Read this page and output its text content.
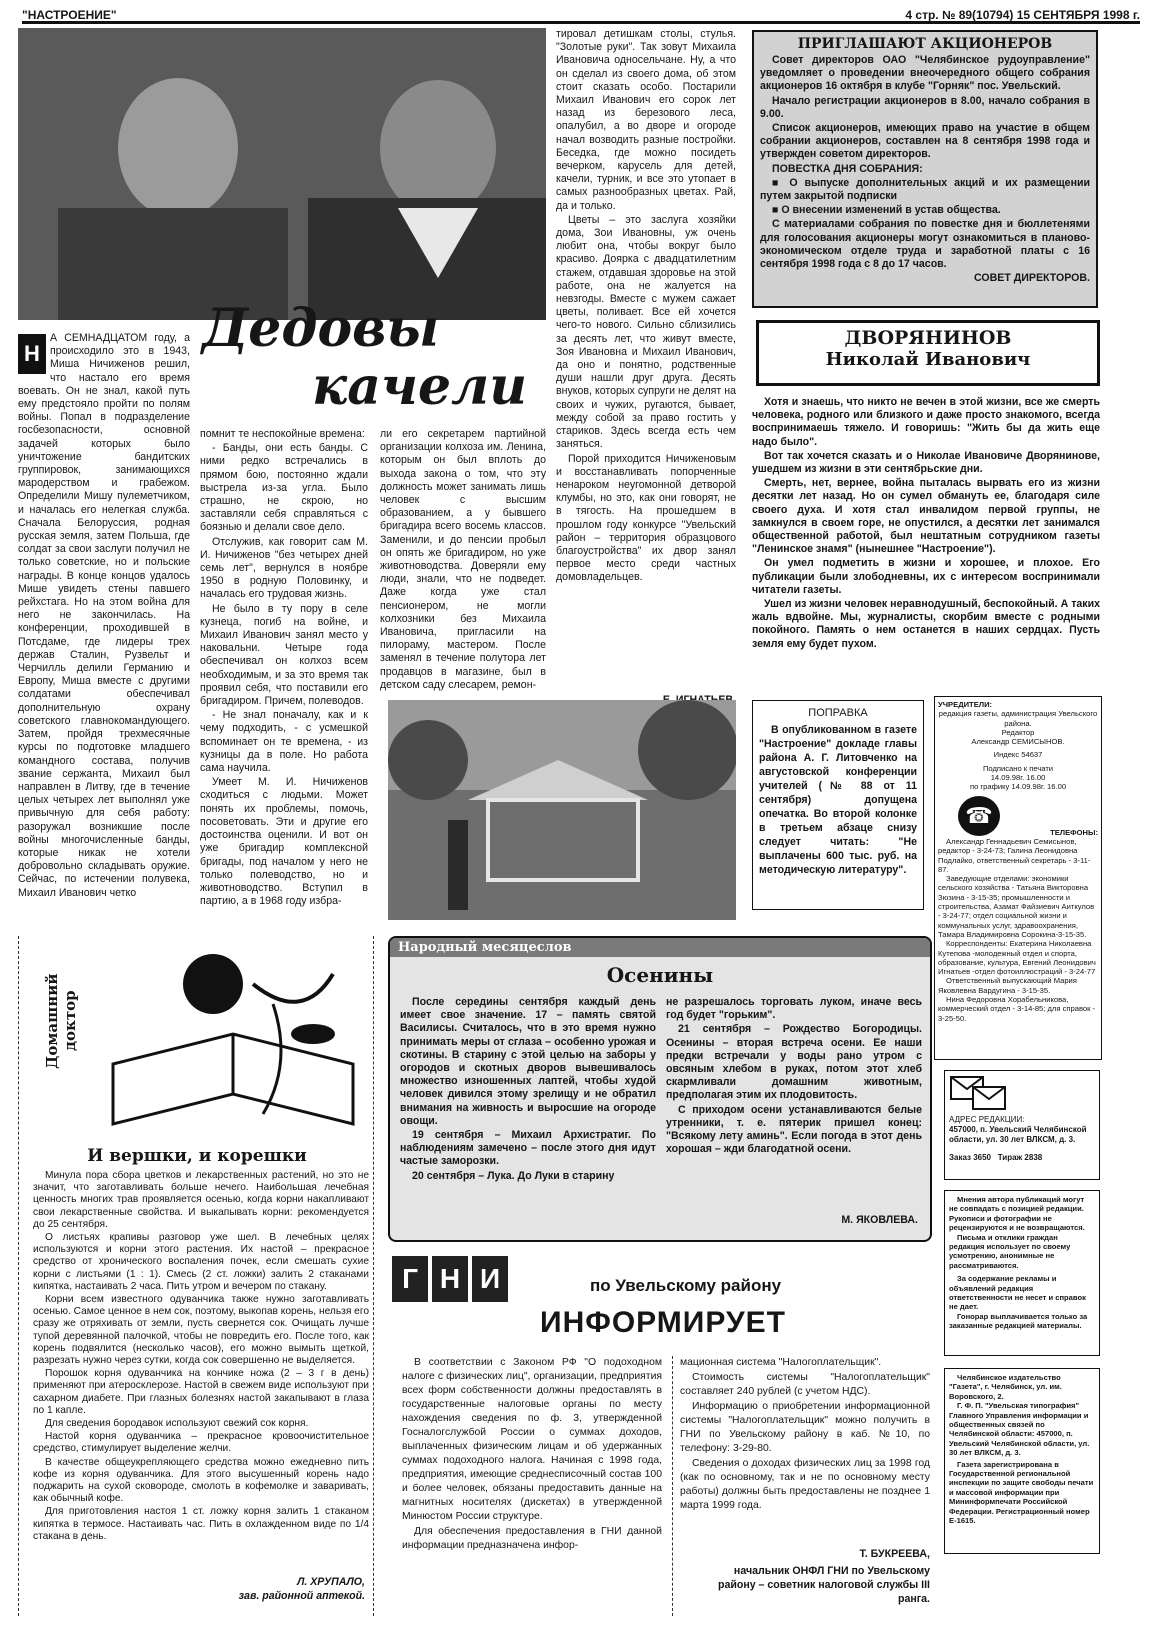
"НАСТРОЕНИЕ"	4 стр. № 89(10794) 15 СЕНТЯБРЯ 1998 г.
Дедовы
качели
Н
А СЕМНАДЦАТОМ году, а происходило это в 1943, Миша Ничиженов решил, что настало его время воевать. Он не знал, какой путь ему предстояло пройти по полям войны. Попал в подразделение госбезопасности, основной задачей которых было уничтожение бандитских группировок, занимающихся мародерством и грабежом. Определили Мишу пулеметчиком, и началась его нелегкая служба. Сначала Белоруссия, родная русская земля, затем Польша, где солдат за свои заслуги получил не только советские, но и польские награды. В конце концов удалось Мише увидеть стены павшего рейхстага. Но на этом война для него не закончилась. На конференции, проходившей в Потсдаме, где лидеры трех держав Сталин, Рузвельт и Черчилль делили Германию и Европу, Миша вместе с другими солдатами обеспечивал дополнительную охрану советского главнокомандующего. Затем, пройдя трехмесячные курсы по подготовке младшего командного состава, получив звание сержанта, Михаил был направлен в Литву, где в течение целых четырех лет выполнял уже привычную для себя работу: разоружал возникшие после войны многочисленные банды, которые никак не хотели добровольно складывать оружие. Сейчас, по истечении полувека, Михаил Иванович четко

помнит те неспокойные времена:

- Банды, они есть банды. С ними редко встречались в прямом бою, постоянно ждали выстрела из-за угла. Было страшно, не скрою, но заставляли себя справляться с боязнью и делали свое дело.

Отслужив, как говорит сам М. И. Ничиженов "без четырех дней семь лет", вернулся в ноябре 1950 в родную Половинку, и началась его трудовая жизнь.

Не было в ту пору в селе кузнеца, погиб на войне, и Михаил Иванович занял место у наковальни. Четыре года обеспечивал он колхоз всем необходимым, и за это время так проявил себя, что поставили его бригадиром. Причем, полеводов.

- Не знал поначалу, как и к чему подходить, - с усмешкой вспоминает он те времена, - из кузницы да в поле. Но работа сама научила.

Умеет М. И. Ничиженов сходиться с людьми. Может понять их проблемы, помочь, посоветовать. Эти и другие его достоинства оценили. И вот он уже бригадир комплексной бригады, под началом у него не только полеводство, но и животноводство. Вступил в партию, а в 1968 году избра-

ли его секретарем партийной организации колхоза им. Ленина, которым он был вплоть до выхода закона о том, что эту должность может занимать лишь человек с высшим образованием, а у бывшего бригадира всего восемь классов. Заменили, и до пенсии пробыл он опять же бригадиром, но уже животноводства. Доверяли ему люди, знали, что не подведет. Даже когда уже стал пенсионером, не могли колхозники без Михаила Ивановича, пригласили на пилораму, мастером. После заменял в течение полутора лет продавцов в магазине, был в детском саду слесарем, ремон-

тировал детишкам столы, стулья. "Золотые руки". Так зовут Михаила Ивановича односельчане. Ну, а что он сделал из своего дома, об этом стоит сказать особо. Постарили Михаил Иванович его сорок лет назад из березового леса, опалубил, а во дворе и огороде начал возводить разные постройки. Беседка, где можно посидеть вечерком, карусель для детей, качели, турник, и все это утопает в самых разнообразных цветах. Рай, да и только.

Цветы – это заслуга хозяйки дома, Зои Ивановны, уж очень любит она, чтобы вокруг было красиво. Доярка с двадцатилетним стажем, отдавшая здоровье на этой работе, она не жалуется на невзгоды. Вместе с мужем сажает цветы, поливает. Все ей хочется чего-то нового. Сильно сблизились за десять лет, что живут вместе, Зоя Ивановна и Михаил Иванович, да оно и понятно, родственные души нашли друг друга. Десять внуков, которых супруги не делят на своих и чужих, ругаются, бывает, между собой за право гостить у стариков. Здесь всегда есть чем заняться.

Порой приходится Ничиженовым и восстанавливать попорченные ненароком неугомонной детворой клумбы, но это, как они говорят, не в тягость. На прошедшем в прошлом году конкурсе "Увельский район – территория образцового благоустройства" их двор занял первое место среди частных домовладельцев.

ПРИГЛАШАЮТ АКЦИОНЕРОВ

Совет директоров ОАО "Челябинское рудоуправление" уведомляет о проведении внеочередного общего собрания акционеров 16 октября в клубе "Горняк" пос. Увельский.

Начало регистрации акционеров в 8.00, начало собрания в 9.00.

Список акционеров, имеющих право на участие в общем собрании акционеров, составлен на 8 сентября 1998 года и утвержден советом директоров.

ПОВЕСТКА ДНЯ СОБРАНИЯ:

■ О выпуске дополнительных акций и их размещении путем закрытой подписки

■ О внесении изменений в устав общества.

С материалами собрания по повестке дня и бюллетенями для голосования акционеры могут ознакомиться в планово-экономическом отделе труда и заработной платы с 16 сентября 1998 года с 8 до 17 часов.

СОВЕТ ДИРЕКТОРОВ.
ДВОРЯНИНОВ
Николай Иванович

Хотя и знаешь, что никто не вечен в этой жизни, все же смерть человека, родного или близкого и даже просто знакомого, всегда воспринимаешь тяжело. И говоришь: "Жить бы да жить еще надо было".

Вот так хочется сказать и о Николае Ивановиче Дворянинове, ушедшем из жизни в эти сентябрьские дни.

Смерть, нет, вернее, война пыталась вырвать его из жизни десятки лет назад. Но он сумел обмануть ее, благодаря силе своего духа. И хотя стал инвалидом первой группы, не замкнулся в своем горе, не опустился, а десятки лет занимался общественной работой, был нештатным сотрудником газеты "Ленинское знамя" (нынешнее "Настроение").

Он умел подметить в жизни и хорошее, и плохое. Его публикации были злободневны, их с интересом воспринимали читатели газеты.

Ушел из жизни человек неравнодушный, беспокойный. А таких жаль вдвойне. Мы, журналисты, скорбим вместе с родными покойного. Память о нем останется в наших сердцах. Пусть земля ему будет пухом.

ПОПРАВКА
В опубликованном в газете "Настроение" докладе главы района А. Г. Литовченко на августовской конференции учителей (№ 88 от 11 сентября) допущена опечатка. Во второй колонке в третьем абзаце снизу следует читать: "Не выплачены 600 тыс. руб. на методическую литературу".
УЧРЕДИТЕЛИ:
редакция газеты, администрация Увельского района.
Редактор
Александр СЕМИСЫНОВ.
Индекс 54637
Подписано к печати
14.09.98г. 16.00
по графику 14.09.98г. 16.00
☎
ТЕЛЕФОНЫ:
Александр Геннадьевич Семисынов, редактор - 3-24-73; Галина Леонидовна Подлайко, ответственный секретарь - 3-11-87.
Заведующие отделами: экономики сельского хозяйства - Татьяна Викторовна Зюзина - 3-15-35; промышленности и строительства, Азамат Файзиевич Аиткулов - 3-24-77; отдел социальной жизни и коммунальных услуг, здравоохранения, Тамара Владимировна Сорокина-3-15-35.
Корреспонденты: Екатерина Николаевна Кутепова -молодежный отдел и спорта, образование, культура, Евгений Леонидович Игнатьев -отдел фотоиллюстраций - 3-24-77
Ответственный выпускающий Мария Яковлевна Вардугина - 3-15-35.
Нина Федоровна Хорабельникова, коммерческий отдел - 3-14-85; для справок - 3-25-50.
АДРЕС РЕДАКЦИИ:
457000, п. Увельский Челябинской области, ул. 30 лет ВЛКСМ, д. 3.
Заказ 3650 Тираж 2838
Мнения автора публикаций могут не совпадать с позицией редакции. Рукописи и фотографии не рецензируются и не возвращаются.
Письма и отклики граждан редакция использует по своему усмотрению, анонимные не рассматриваются.
За содержание рекламы и объявлений редакция ответственности не несет и справок не дает.
Гонорар выплачивается только за заказанные редакцией материалы.
Челябинское издательство "Газета", г. Челябинск, ул. им. Воровского, 2.
Г. Ф. П. "Увельская типография" Главного Управления информации и общественных связей по Челябинской области: 457000, п. Увельский Челябинской области, ул. 30 лет ВЛКСМ, д. 3.
Газета зарегистрирована в Государственной региональной инспекции по защите свободы печати и массовой информации при Мининформпечати Российской Федерации. Регистрационный номер Е-1615.
Домашний доктор
И вершки, и корешки

Минула пора сбора цветков и лекарственных растений, но это не значит, что заготавливать больше нечего. Наибольшая лечебная ценность многих трав проявляется осенью, когда корни накапливают свои лекарственные свойства. И выкапывать корни: рекомендуется до 25 сентября.

О листьях крапивы разговор уже шел. В лечебных целях используются и корни этого растения. Их настой – прекрасное средство от хронического воспаления почек, если смешать сухие корни с листьями (1 : 1). Смесь (2 ст. ложки) залить 2 стаканами кипятка, настаивать 2 часа. Пить утром и вечером по стакану.

Корни всем известного одуванчика также нужно заготавливать осенью. Самое ценное в нем сок, поэтому, выкопав корень, нельзя его сразу же отряхивать от земли, пусть свернется сок. Очищать лучше тупой деревянной палочкой, чтобы не повредить его. После того, как корень подвялится (несколько часов), его можно вымыть щеткой, разрезать нужно через сутки, когда сок совершенно не выделяется.

Порошок корня одуванчика на кончике ножа (2 – 3 г в день) применяют при атеросклерозе. Настой в свежем виде используют при сахарном диабете. При глазных болезнях настой закапывают в глаза по 1 капле.

Для сведения бородавок используют свежий сок корня.

Настой корня одуванчика – прекрасное кровоочистительное средство, стимулирует выделение желчи.

В качестве общеукрепляющего средства можно ежедневно пить кофе из корня одуванчика. Для этого высушенный корень надо поджарить на сухой сковороде, смолоть в кофемолке и заваривать, как обычный кофе.

Для приготовления настоя 1 ст. ложку корня залить 1 стаканом кипятка в термосе. Настаивать час. Пить в охлажденном виде по 1/4 стакана в день.

Л. ХРУПАЛО,
зав. районной аптекой.
Народный месяцеслов
Осенины

После середины сентября каждый день имеет свое значение. 17 – память святой Василисы. Считалось, что в это время нужно принимать меры от сглаза – особенно урожая и скотины. В старину с этой целью на заборы у огородов и скотных дворов вывешивалось множество изношенных лаптей, чтобы худой человек дивился этому зрелищу и не обратил внимания на живность и выросшие на огороде овощи.

19 сентября – Михаил Архистратиг. По наблюдениям замечено – после этого дня идут частые заморозки.

20 сентября – Лука. До Луки в старину

не разрешалось торговать луком, иначе весь год будет "горьким".

21 сентября – Рождество Богородицы. Осенины – вторая встреча осени. Ее наши предки встречали у воды рано утром с овсяным хлебом в руках, потом этот хлеб скармливали домашним животным, предполагая этим их плодовитость.

С приходом осени устанавливаются белые утренники, т. е. пятерик пришел конец: "Всякому лету аминь". Если погода в этот день хорошая – жди благодатной осени.

М. ЯКОВЛЕВА.
Г Н И	по Увельскому району
ИНФОРМИРУЕТ

В соответствии с Законом РФ "О подоходном налоге с физических лиц", организации, предприятия всех форм собственности должны предоставлять в государственные налоговые органы по месту нахождения сведения по ф. 3, утвержденной Госналогслужбой России о суммах доходов, выплаченных физическим лицам и об удержанных суммах подоходного налога. Начиная с 1998 года, предприятия, имеющие среднесписочный состав 100 и более человек, обязаны предоставить данные на магнитных носителях (дискетах) в утвержденной Минюстом России структуре.

Для обеспечения предоставления в ГНИ данной информации предназначена инфор-

мационная система "Налогоплательщик".

Стоимость системы "Налогоплательщик" составляет 240 рублей (с учетом НДС).

Информацию о приобретении информационной системы "Налогоплательщик" можно получить в ГНИ по Увельскому району в каб. №10, по телефону: 3-29-80.

Сведения о доходах физических лиц за 1998 год (как по основному, так и не по основному месту работы) должны быть предоставлены не позднее 1 марта 1999 года.

Т. БУКРЕЕВА,
начальник ОНФЛ ГНИ по Увельскому району – советник налоговой службы III ранга.
